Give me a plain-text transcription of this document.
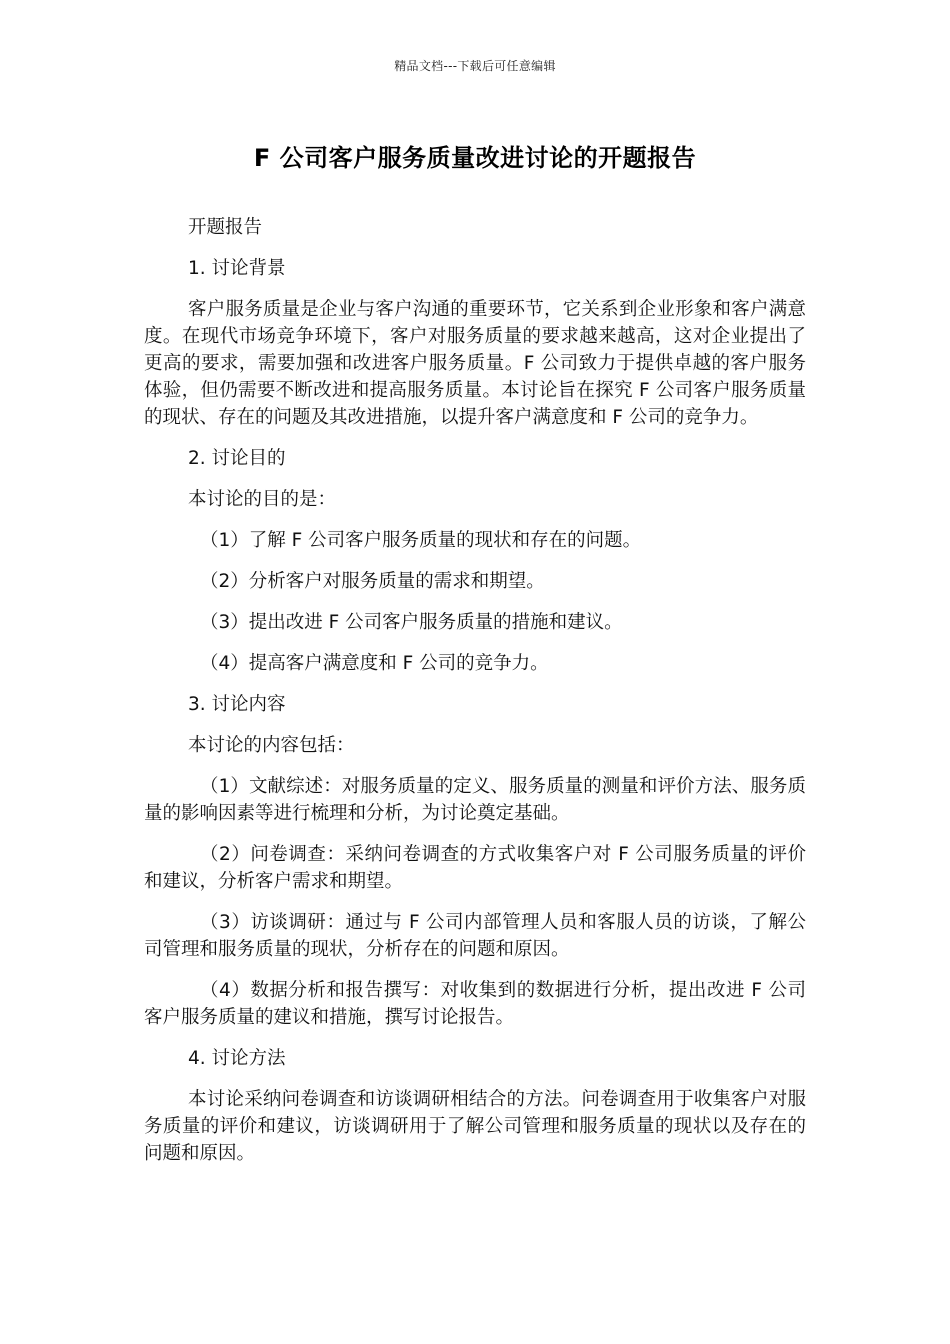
精品文档---下载后可任意编辑
F 公司客户服务质量改进讨论的开题报告

开题报告

1. 讨论背景

客户服务质量是企业与客户沟通的重要环节，它关系到企业形象和客户满意度。在现代市场竞争环境下，客户对服务质量的要求越来越高，这对企业提出了更高的要求，需要加强和改进客户服务质量。F 公司致力于提供卓越的客户服务体验，但仍需要不断改进和提高服务质量。本讨论旨在探究 F 公司客户服务质量的现状、存在的问题及其改进措施，以提升客户满意度和 F 公司的竞争力。

2. 讨论目的

本讨论的目的是：

（1）了解 F 公司客户服务质量的现状和存在的问题。

（2）分析客户对服务质量的需求和期望。

（3）提出改进 F 公司客户服务质量的措施和建议。

（4）提高客户满意度和 F 公司的竞争力。

3. 讨论内容

本讨论的内容包括：

（1）文献综述：对服务质量的定义、服务质量的测量和评价方法、服务质量的影响因素等进行梳理和分析，为讨论奠定基础。

（2）问卷调查：采纳问卷调查的方式收集客户对 F 公司服务质量的评价和建议，分析客户需求和期望。

（3）访谈调研：通过与 F 公司内部管理人员和客服人员的访谈，了解公司管理和服务质量的现状，分析存在的问题和原因。

（4）数据分析和报告撰写：对收集到的数据进行分析，提出改进 F 公司客户服务质量的建议和措施，撰写讨论报告。

4. 讨论方法

本讨论采纳问卷调查和访谈调研相结合的方法。问卷调查用于收集客户对服务质量的评价和建议，访谈调研用于了解公司管理和服务质量的现状以及存在的问题和原因。
